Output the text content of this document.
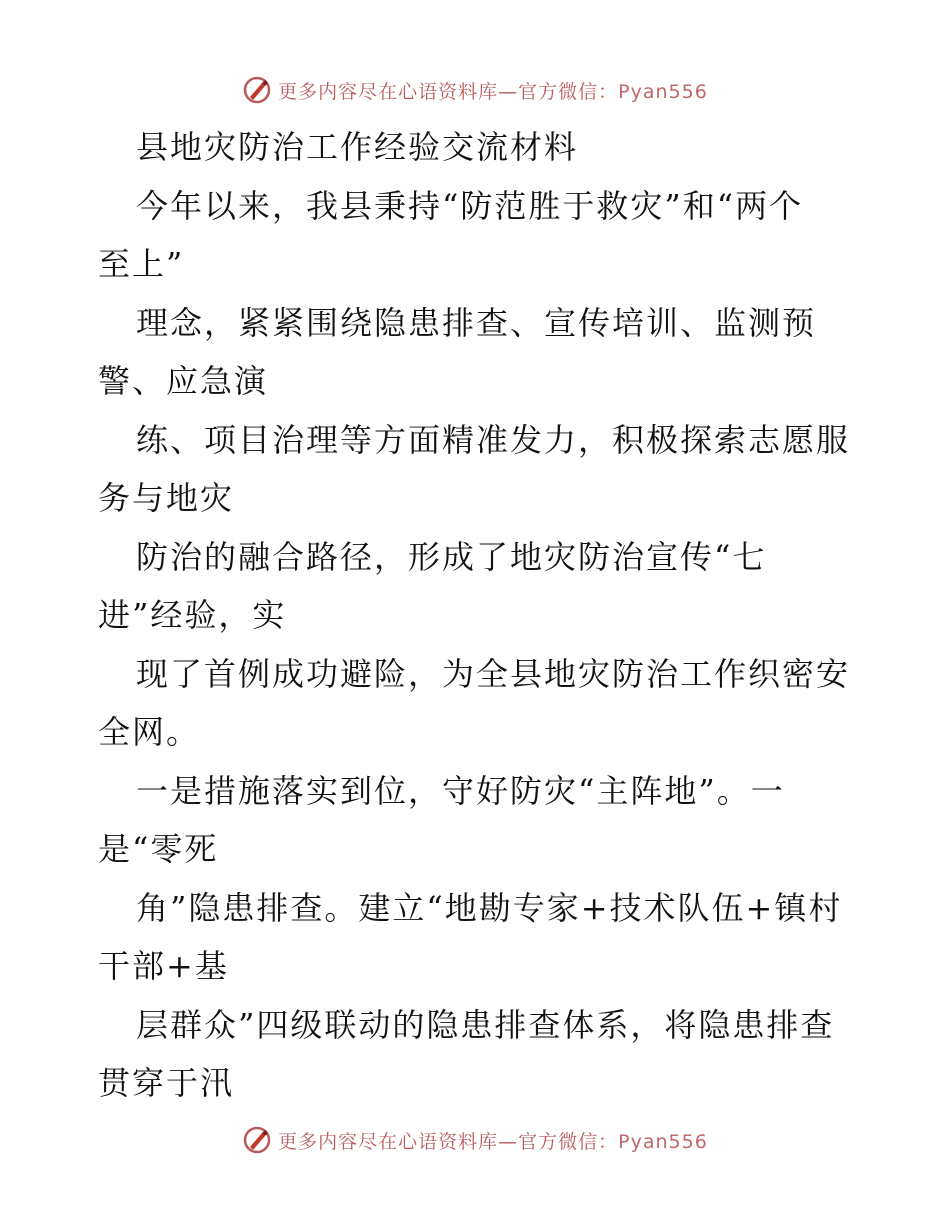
更多内容尽在心语资料库—官方微信：Pyan556
县地灾防治工作经验交流材料
今年以来，我县秉持“防范胜于救灾”和“两个
至上”
理念，紧紧围绕隐患排查、宣传培训、监测预
警、应急演
练、项目治理等方面精准发力，积极探索志愿服
务与地灾
防治的融合路径，形成了地灾防治宣传“七
进”经验，实
现了首例成功避险，为全县地灾防治工作织密安
全网。
一是措施落实到位，守好防灾“主阵地”。一
是“零死
角”隐患排查。建立“地勘专家+技术队伍+镇村
干部+基
层群众”四级联动的隐患排查体系，将隐患排查
贯穿于汛
更多内容尽在心语资料库—官方微信：Pyan556
